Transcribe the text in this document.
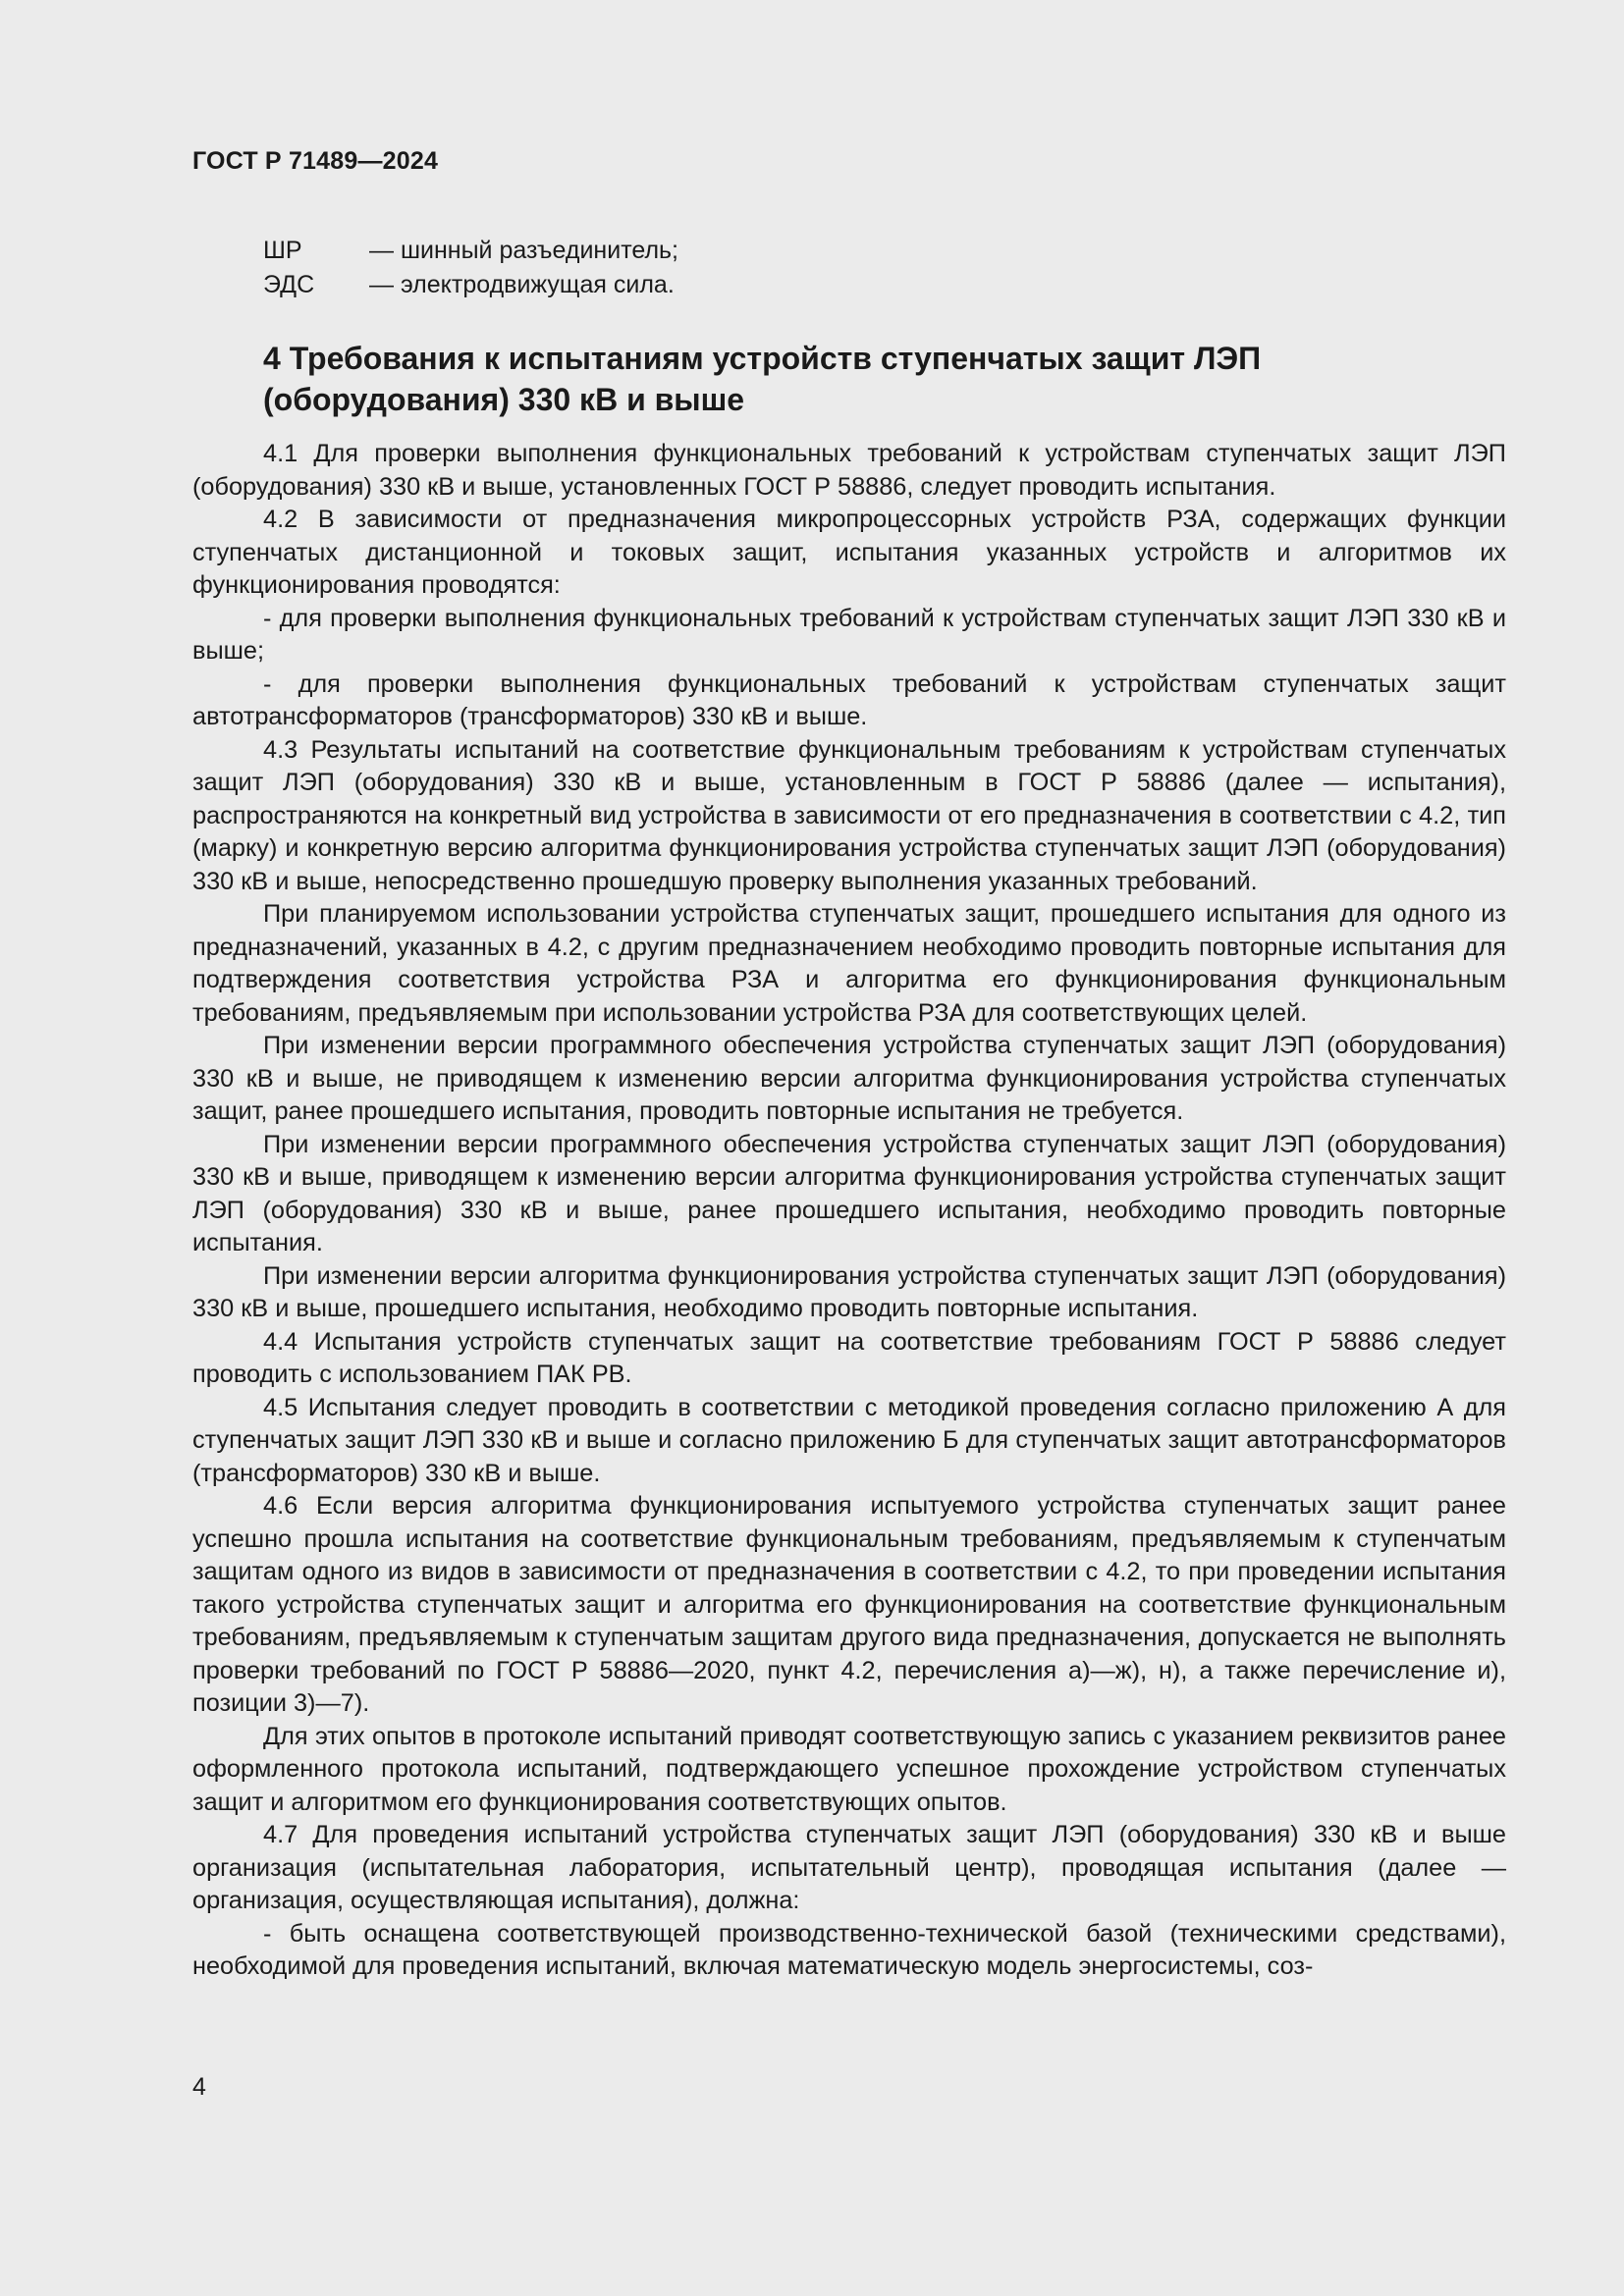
ГОСТ Р 71489—2024
ШР	— шинный разъединитель;
ЭДС	— электродвижущая сила.
4 Требования к испытаниям устройств ступенчатых защит ЛЭП
(оборудования) 330 кВ и выше

4.1 Для проверки выполнения функциональных требований к устройствам ступенчатых защит ЛЭП (оборудования) 330 кВ и выше, установленных ГОСТ Р 58886, следует проводить испытания.

4.2 В зависимости от предназначения микропроцессорных устройств РЗА, содержащих функции ступенчатых дистанционной и токовых защит, испытания указанных устройств и алгоритмов их функционирования проводятся:

- для проверки выполнения функциональных требований к устройствам ступенчатых защит ЛЭП 330 кВ и выше;

- для проверки выполнения функциональных требований к устройствам ступенчатых защит автотрансформаторов (трансформаторов) 330 кВ и выше.

4.3 Результаты испытаний на соответствие функциональным требованиям к устройствам ступенчатых защит ЛЭП (оборудования) 330 кВ и выше, установленным в ГОСТ Р 58886 (далее — испытания), распространяются на конкретный вид устройства в зависимости от его предназначения в соответствии с 4.2, тип (марку) и конкретную версию алгоритма функционирования устройства ступенчатых защит ЛЭП (оборудования) 330 кВ и выше, непосредственно прошедшую проверку выполнения указанных требований.

При планируемом использовании устройства ступенчатых защит, прошедшего испытания для одного из предназначений, указанных в 4.2, с другим предназначением необходимо проводить повторные испытания для подтверждения соответствия устройства РЗА и алгоритма его функционирования функциональным требованиям, предъявляемым при использовании устройства РЗА для соответствующих целей.

При изменении версии программного обеспечения устройства ступенчатых защит ЛЭП (оборудования) 330 кВ и выше, не приводящем к изменению версии алгоритма функционирования устройства ступенчатых защит, ранее прошедшего испытания, проводить повторные испытания не требуется.

При изменении версии программного обеспечения устройства ступенчатых защит ЛЭП (оборудования) 330 кВ и выше, приводящем к изменению версии алгоритма функционирования устройства ступенчатых защит ЛЭП (оборудования) 330 кВ и выше, ранее прошедшего испытания, необходимо проводить повторные испытания.

При изменении версии алгоритма функционирования устройства ступенчатых защит ЛЭП (оборудования) 330 кВ и выше, прошедшего испытания, необходимо проводить повторные испытания.

4.4 Испытания устройств ступенчатых защит на соответствие требованиям ГОСТ Р 58886 следует проводить с использованием ПАК РВ.

4.5 Испытания следует проводить в соответствии с методикой проведения согласно приложению А для ступенчатых защит ЛЭП 330 кВ и выше и согласно приложению Б для ступенчатых защит автотрансформаторов (трансформаторов) 330 кВ и выше.

4.6 Если версия алгоритма функционирования испытуемого устройства ступенчатых защит ранее успешно прошла испытания на соответствие функциональным требованиям, предъявляемым к ступенчатым защитам одного из видов в зависимости от предназначения в соответствии с 4.2, то при проведении испытания такого устройства ступенчатых защит и алгоритма его функционирования на соответствие функциональным требованиям, предъявляемым к ступенчатым защитам другого вида предназначения, допускается не выполнять проверки требований по ГОСТ Р 58886—2020, пункт 4.2, перечисления а)—ж), н), а также перечисление и), позиции 3)—7).

Для этих опытов в протоколе испытаний приводят соответствующую запись с указанием реквизитов ранее оформленного протокола испытаний, подтверждающего успешное прохождение устройством ступенчатых защит и алгоритмом его функционирования соответствующих опытов.

4.7 Для проведения испытаний устройства ступенчатых защит ЛЭП (оборудования) 330 кВ и выше организация (испытательная лаборатория, испытательный центр), проводящая испытания (далее — организация, осуществляющая испытания), должна:

- быть оснащена соответствующей производственно-технической базой (техническими средствами), необходимой для проведения испытаний, включая математическую модель энергосистемы, соз-

4
